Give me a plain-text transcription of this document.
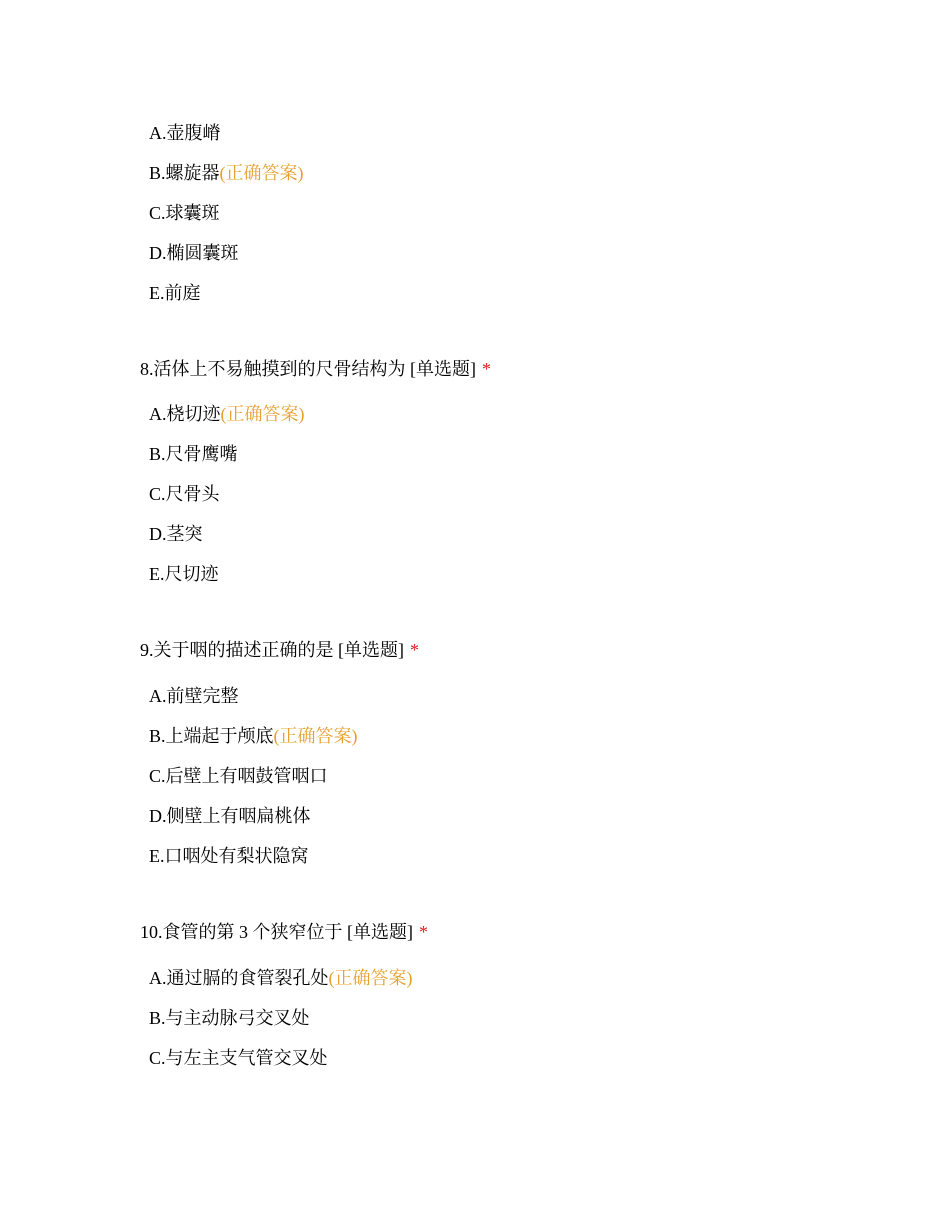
A.壶腹嵴
B.螺旋器(正确答案)
C.球囊斑
D.椭圆囊斑
E.前庭
8.活体上不易触摸到的尺骨结构为 [单选题] *
A.桡切迹(正确答案)
B.尺骨鹰嘴
C.尺骨头
D.茎突
E.尺切迹
9.关于咽的描述正确的是 [单选题] *
A.前壁完整
B.上端起于颅底(正确答案)
C.后壁上有咽鼓管咽口
D.侧壁上有咽扁桃体
E.口咽处有梨状隐窝
10.食管的第 3 个狭窄位于 [单选题] *
A.通过膈的食管裂孔处(正确答案)
B.与主动脉弓交叉处
C.与左主支气管交叉处
